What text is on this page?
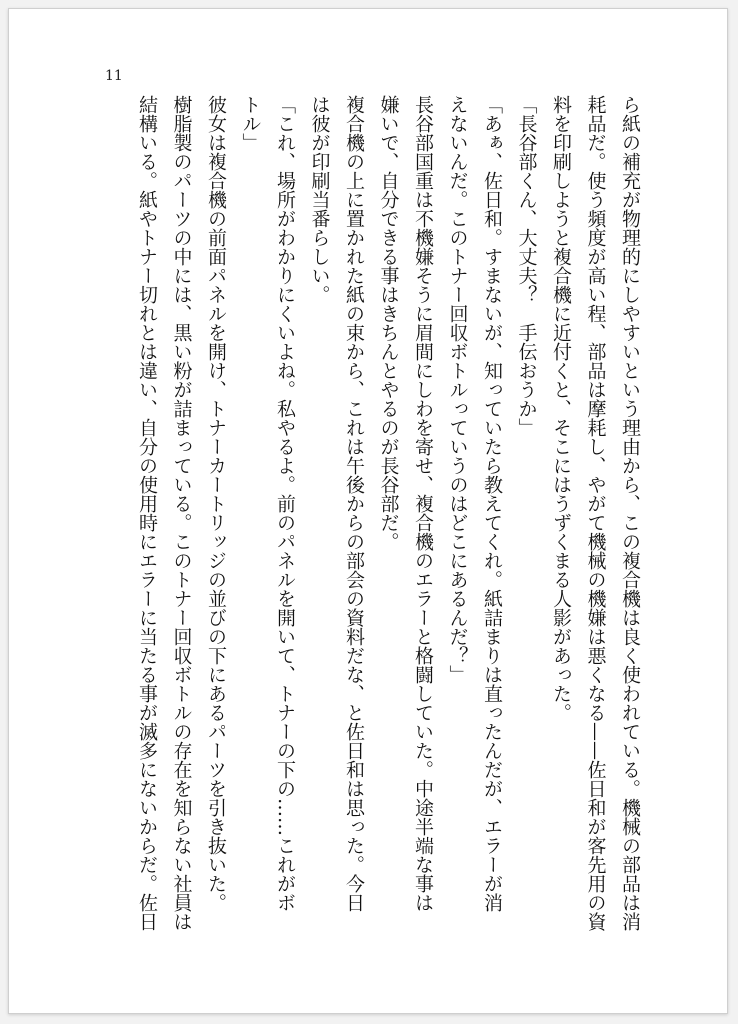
11
ら紙の補充が物理的にしやすいという理由から、この複合機は良く使われている。機械の部品は消
耗品だ。使う頻度が高い程、部品は摩耗し、やがて機械の機嫌は悪くなる——佐日和が客先用の資
料を印刷しようと複合機に近付くと、そこにはうずくまる人影があった。
「長谷部くん、大丈夫？　手伝おうか」
「あぁ、佐日和。すまないが、知っていたら教えてくれ。紙詰まりは直ったんだが、エラーが消
えないんだ。このトナー回収ボトルっていうのはどこにあるんだ？」
長谷部国重は不機嫌そうに眉間にしわを寄せ、複合機のエラーと格闘していた。中途半端な事は
嫌いで、自分できる事はきちんとやるのが長谷部だ。
複合機の上に置かれた紙の束から、これは午後からの部会の資料だな、と佐日和は思った。今日
は彼が印刷当番らしい。
「これ、場所がわかりにくいよね。私やるよ。前のパネルを開いて、トナーの下の……これがボ
トル」
彼女は複合機の前面パネルを開け、トナーカートリッジの並びの下にあるパーツを引き抜いた。
樹脂製のパーツの中には、黒い粉が詰まっている。このトナー回収ボトルの存在を知らない社員は
結構いる。紙やトナー切れとは違い、自分の使用時にエラーに当たる事が滅多にないからだ。佐日
